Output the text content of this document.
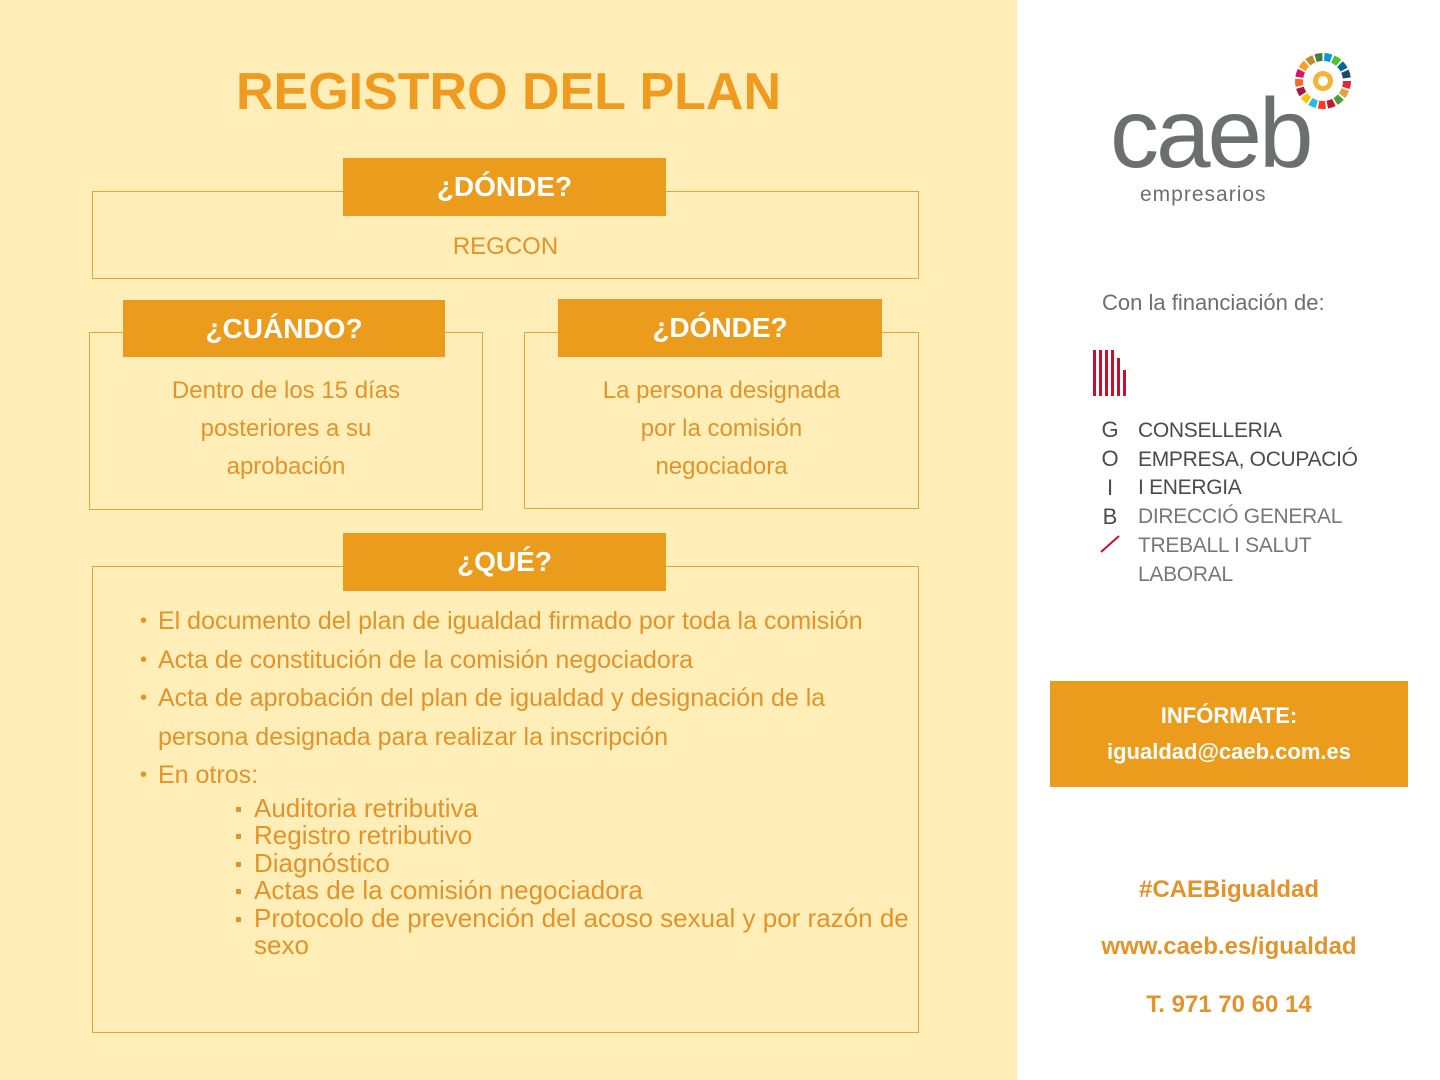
REGISTRO DEL PLAN
¿DÓNDE?
REGCON
¿CUÁNDO?
Dentro de los 15 días
posteriores a su
aprobación
¿DÓNDE?
La persona designada
por la comisión
negociadora
¿QUÉ?
• El documento del plan de igualdad firmado por toda la comisión
• Acta de constitución de la comisión negociadora
• Acta de aprobación del plan de igualdad y designación de la persona designada para realizar la inscripción
• En otros:
Auditoria retributiva
Registro retributivo
Diagnóstico
Actas de la comisión negociadora
Protocolo de prevención del acoso sexual y por razón de sexo
caeb
empresarios
Con la financiación de:
G
O
I
B
CONSELLERIA
EMPRESA, OCUPACIÓ
I ENERGIA
DIRECCIÓ GENERAL
TREBALL I SALUT
LABORAL
INFÓRMATE:
igualdad@caeb.com.es
#CAEBigualdad
www.caeb.es/igualdad
T. 971 70 60 14
